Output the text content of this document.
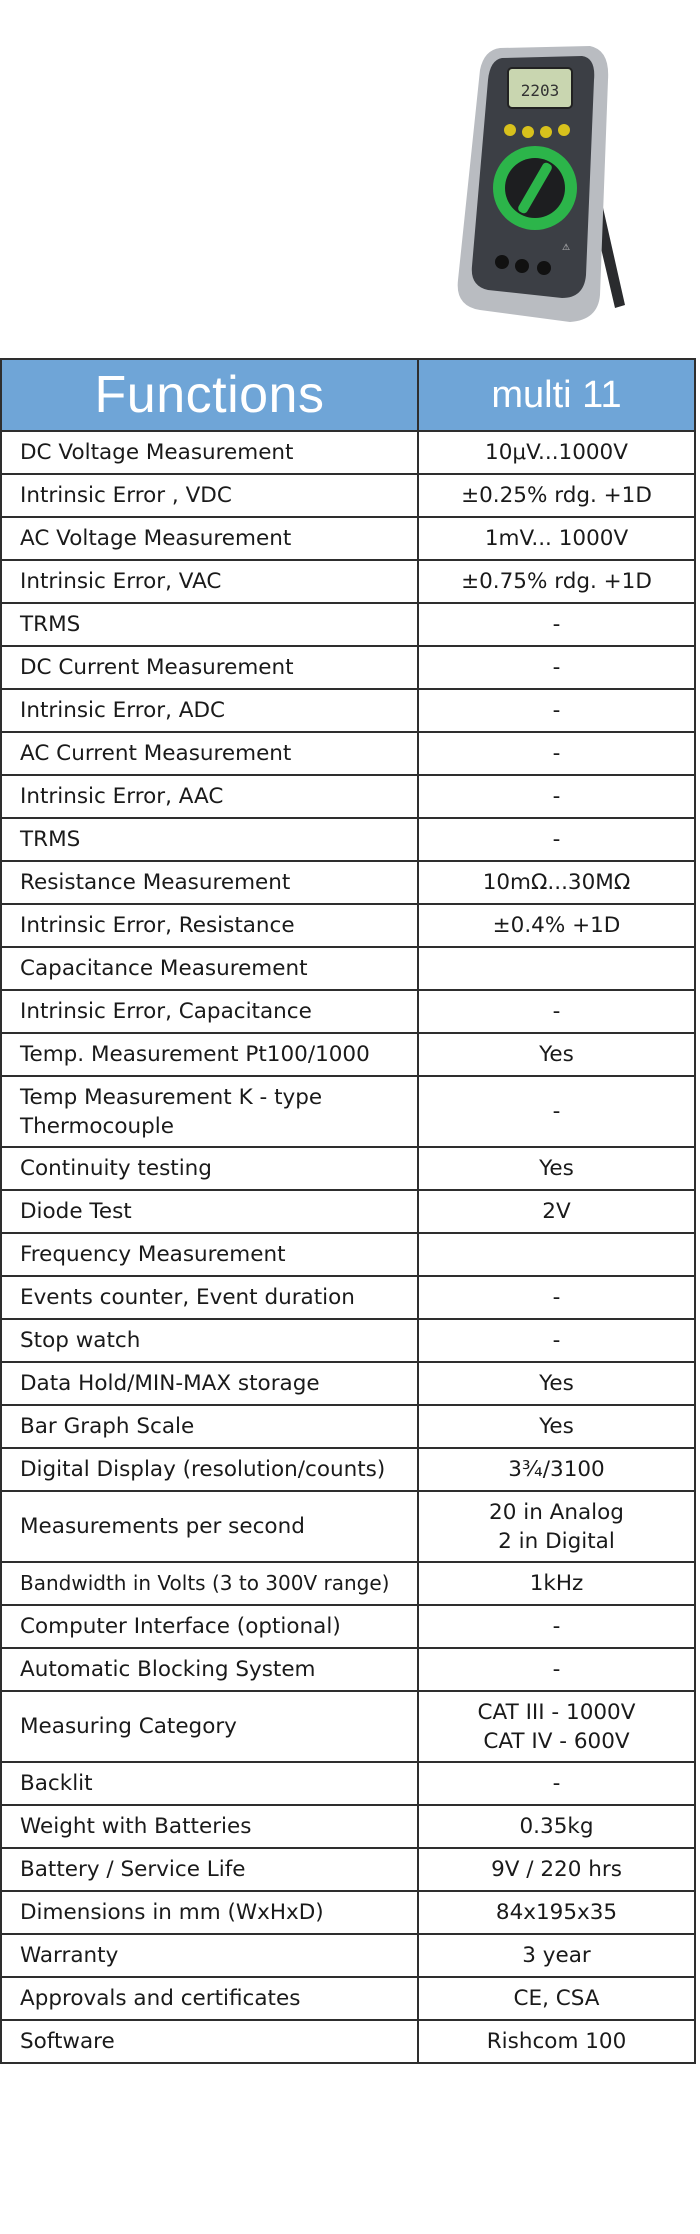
2203
⚠
Functions	multi 11
DC Voltage Measurement	10μV...1000V
Intrinsic Error , VDC	±0.25% rdg. +1D
AC Voltage Measurement	1mV... 1000V
Intrinsic Error, VAC	±0.75% rdg. +1D
TRMS	-
DC Current Measurement	-
Intrinsic Error, ADC	-
AC Current Measurement	-
Intrinsic Error, AAC	-
TRMS	-
Resistance Measurement	10mΩ...30MΩ
Intrinsic Error, Resistance	±0.4% +1D
Capacitance Measurement	
Intrinsic Error, Capacitance	-
Temp. Measurement Pt100/1000	Yes
Temp Measurement K - type
Thermocouple	-
Continuity testing	Yes
Diode Test	2V
Frequency Measurement	
Events counter, Event duration	-
Stop watch	-
Data Hold/MIN-MAX storage	Yes
Bar Graph Scale	Yes
Digital Display (resolution/counts)	3¾/3100
Measurements per second	20 in Analog
2 in Digital
Bandwidth in Volts (3 to 300V range)	1kHz
Computer Interface (optional)	-
Automatic Blocking System	-
Measuring Category	CAT III - 1000V
CAT IV - 600V
Backlit	-
Weight with Batteries	0.35kg
Battery / Service Life	9V / 220 hrs
Dimensions in mm (WxHxD)	84x195x35
Warranty	3 year
Approvals and certificates	CE, CSA
Software	Rishcom 100
